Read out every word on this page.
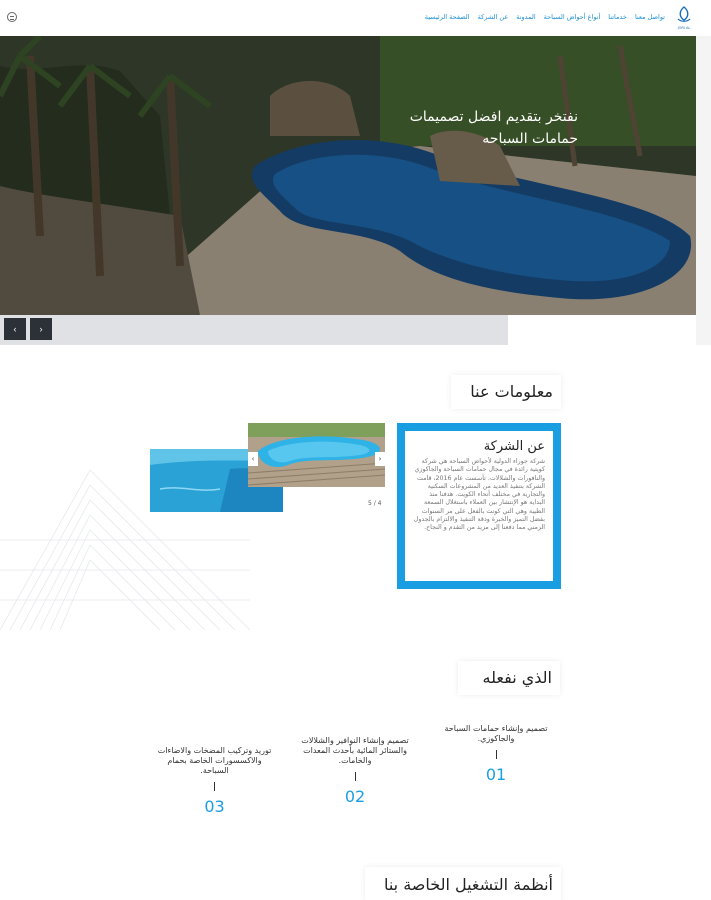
JORI AL
الصفحة الرئيسية عن الشركة المدونة أنواع أحواض السباحة خدماتنا تواصل معنا
نفتخر بتقديم افضل تصميمات حمامات السباحه
‹	›
معلومات عنا
عن الشركة

شركة جوراء الدولية لأحواض السباحة هي شركة كويتية رائدة في مجال حمامات السباحة والجاكوزي والنافورات والشلالات. تأسست عام 2016، قامت الشركة بتنفيذ العديد من المشروعات السكنية والتجارية في مختلف أنحاء الكويت. هدفنا منذ البداية هو الإنتشار بين العملاء باستغلال السمعة الطيبة وهي التي كونت بالفعل على مر السنوات بفضل التميز والخبرة ودقة التنفيذ والالتزام بالجدول الزمني مما دفعنا إلى مزيد من التقدم و النجاح.

‹	›
5 / 4
الذي نفعله
تصميم وإنشاء حمامات السباحة والجاكوزي.
01
تصميم وإنشاء النوافير والشلالات والستائر المائية بأحدث المعدات والخامات.
02
توريد وتركيب المضخات والاضاءات والاكسسورات الخاصة بحمام السباحة.
03
أنظمة التشغيل الخاصة بنا
